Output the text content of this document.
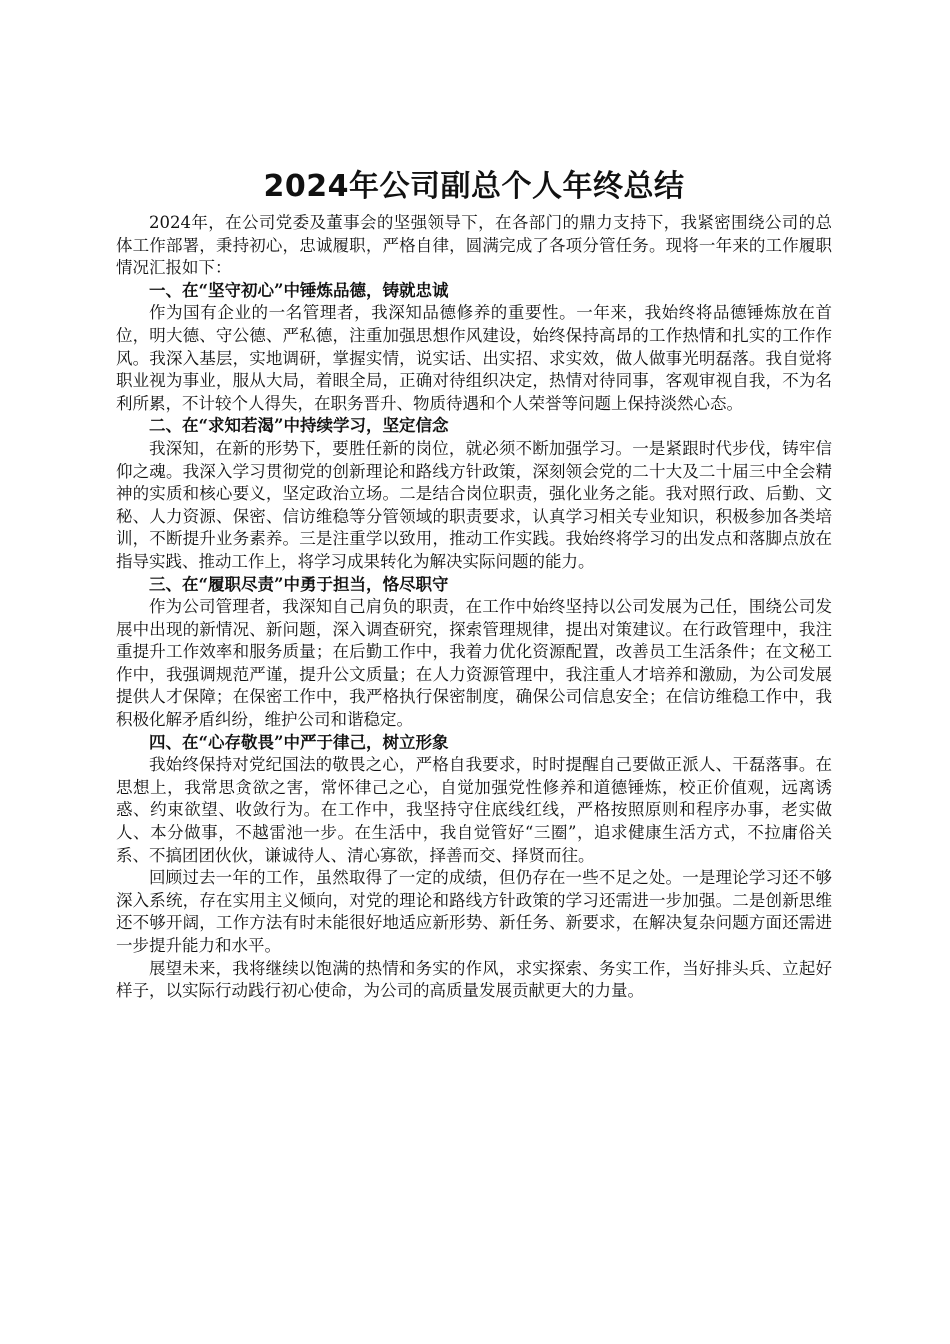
2024年公司副总个人年终总结

2024年，在公司党委及董事会的坚强领导下，在各部门的鼎力支持下，我紧密围绕公司的总体工作部署，秉持初心，忠诚履职，严格自律，圆满完成了各项分管任务。现将一年来的工作履职情况汇报如下：

一、在“坚守初心”中锤炼品德，铸就忠诚

作为国有企业的一名管理者，我深知品德修养的重要性。一年来，我始终将品德锤炼放在首位，明大德、守公德、严私德，注重加强思想作风建设，始终保持高昂的工作热情和扎实的工作作风。我深入基层，实地调研，掌握实情，说实话、出实招、求实效，做人做事光明磊落。我自觉将职业视为事业，服从大局，着眼全局，正确对待组织决定，热情对待同事，客观审视自我，不为名利所累，不计较个人得失，在职务晋升、物质待遇和个人荣誉等问题上保持淡然心态。

二、在“求知若渴”中持续学习，坚定信念

我深知，在新的形势下，要胜任新的岗位，就必须不断加强学习。一是紧跟时代步伐，铸牢信仰之魂。我深入学习贯彻党的创新理论和路线方针政策，深刻领会党的二十大及二十届三中全会精神的实质和核心要义，坚定政治立场。二是结合岗位职责，强化业务之能。我对照行政、后勤、文秘、人力资源、保密、信访维稳等分管领域的职责要求，认真学习相关专业知识，积极参加各类培训，不断提升业务素养。三是注重学以致用，推动工作实践。我始终将学习的出发点和落脚点放在指导实践、推动工作上，将学习成果转化为解决实际问题的能力。

三、在“履职尽责”中勇于担当，恪尽职守

作为公司管理者，我深知自己肩负的职责，在工作中始终坚持以公司发展为己任，围绕公司发展中出现的新情况、新问题，深入调查研究，探索管理规律，提出对策建议。在行政管理中，我注重提升工作效率和服务质量；在后勤工作中，我着力优化资源配置，改善员工生活条件；在文秘工作中，我强调规范严谨，提升公文质量；在人力资源管理中，我注重人才培养和激励，为公司发展提供人才保障；在保密工作中，我严格执行保密制度，确保公司信息安全；在信访维稳工作中，我积极化解矛盾纠纷，维护公司和谐稳定。

四、在“心存敬畏”中严于律己，树立形象

我始终保持对党纪国法的敬畏之心，严格自我要求，时时提醒自己要做正派人、干磊落事。在思想上，我常思贪欲之害，常怀律己之心，自觉加强党性修养和道德锤炼，校正价值观，远离诱惑、约束欲望、收敛行为。在工作中，我坚持守住底线红线，严格按照原则和程序办事，老实做人、本分做事，不越雷池一步。在生活中，我自觉管好“三圈”，追求健康生活方式，不拉庸俗关系、不搞团团伙伙，谦诚待人、清心寡欲，择善而交、择贤而往。

回顾过去一年的工作，虽然取得了一定的成绩，但仍存在一些不足之处。一是理论学习还不够深入系统，存在实用主义倾向，对党的理论和路线方针政策的学习还需进一步加强。二是创新思维还不够开阔，工作方法有时未能很好地适应新形势、新任务、新要求，在解决复杂问题方面还需进一步提升能力和水平。

展望未来，我将继续以饱满的热情和务实的作风，求实探索、务实工作，当好排头兵、立起好样子，以实际行动践行初心使命，为公司的高质量发展贡献更大的力量。
